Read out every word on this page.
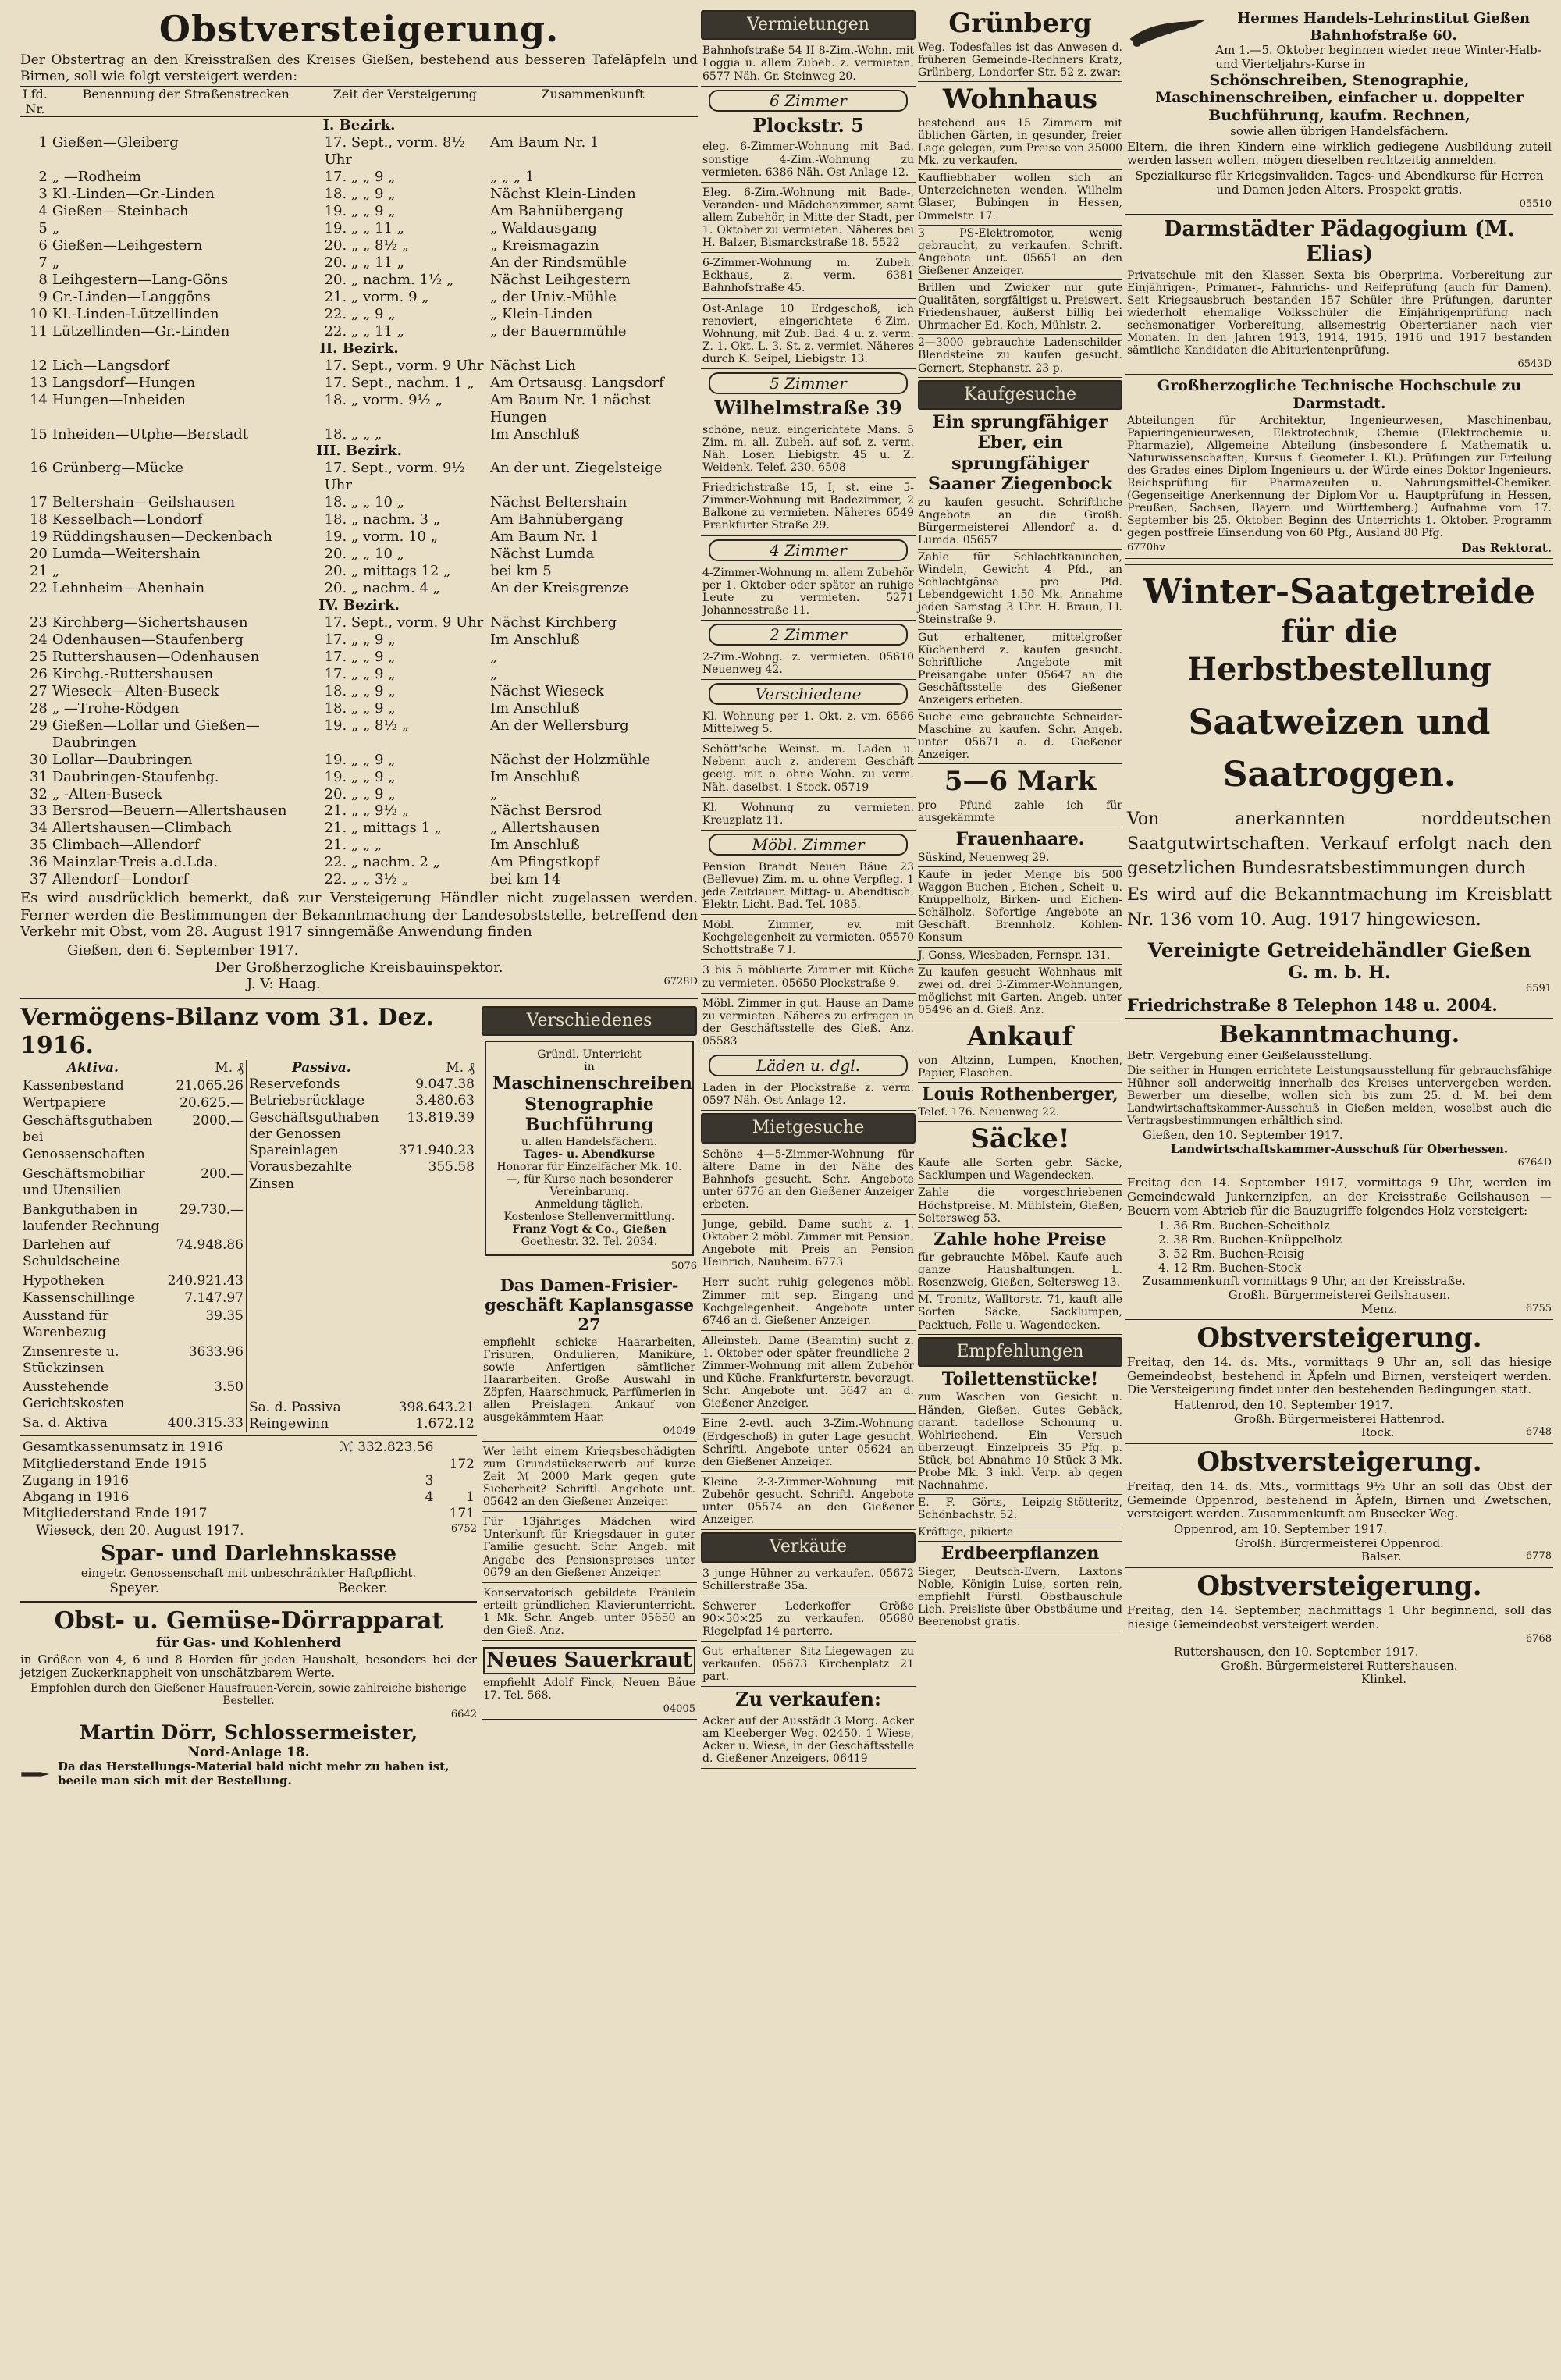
Obstversteigerung.
Der Obstertrag an den Kreisstraßen des Kreises Gießen, bestehend aus besseren Tafeläpfeln und Birnen, soll wie folgt versteigert werden:
Lfd. Nr.	Benennung der Straßenstrecken	Zeit der Versteigerung	Zusammenkunft
I. Bezirk.			
1	Gießen—Gleiberg	17. Sept., vorm. 8½ Uhr	Am Baum Nr. 1
2	„ —Rodheim	17. „ „ 9 „	„ „ „ 1
3	Kl.-Linden—Gr.-Linden	18. „ „ 9 „	Nächst Klein-Linden
4	Gießen—Steinbach	19. „ „ 9 „	Am Bahnübergang
5	„	19. „ „ 11 „	„ Waldausgang
6	Gießen—Leihgestern	20. „ „ 8½ „	„ Kreismagazin
7	„	20. „ „ 11 „	An der Rindsmühle
8	Leihgestern—Lang-Göns	20. „ nachm. 1½ „	Nächst Leihgestern
9	Gr.-Linden—Langgöns	21. „ vorm. 9 „	„ der Univ.-Mühle
10	Kl.-Linden-Lützellinden	22. „ „ 9 „	„ Klein-Linden
11	Lützellinden—Gr.-Linden	22. „ „ 11 „	„ der Bauernmühle
II. Bezirk.			
12	Lich—Langsdorf	17. Sept., vorm. 9 Uhr	Nächst Lich
13	Langsdorf—Hungen	17. Sept., nachm. 1 „	Am Ortsausg. Langsdorf
14	Hungen—Inheiden	18. „ vorm. 9½ „	Am Baum Nr. 1 nächst Hungen
15	Inheiden—Utphe—Berstadt	18. „ „ „	Im Anschluß
III. Bezirk.			
16	Grünberg—Mücke	17. Sept., vorm. 9½ Uhr	An der unt. Ziegelsteige
17	Beltershain—Geilshausen	18. „ „ 10 „	Nächst Beltershain
18	Kesselbach—Londorf	18. „ nachm. 3 „	Am Bahnübergang
19	Rüddingshausen—Deckenbach	19. „ vorm. 10 „	Am Baum Nr. 1
20	Lumda—Weitershain	20. „ „ 10 „	Nächst Lumda
21	„	20. „ mittags 12 „	bei km 5
22	Lehnheim—Ahenhain	20. „ nachm. 4 „	An der Kreisgrenze
IV. Bezirk.			
23	Kirchberg—Sichertshausen	17. Sept., vorm. 9 Uhr	Nächst Kirchberg
24	Odenhausen—Staufenberg	17. „ „ 9 „	Im Anschluß
25	Ruttershausen—Odenhausen	17. „ „ 9 „	„
26	Kirchg.-Ruttershausen	17. „ „ 9 „	„
27	Wieseck—Alten-Buseck	18. „ „ 9 „	Nächst Wieseck
28	„ —Trohe-Rödgen	18. „ „ 9 „	Im Anschluß
29	Gießen—Lollar und Gießen—Daubringen	19. „ „ 8½ „	An der Wellersburg
30	Lollar—Daubringen	19. „ „ 9 „	Nächst der Holzmühle
31	Daubringen-Staufenbg.	19. „ „ 9 „	Im Anschluß
32	„ -Alten-Buseck	20. „ „ 9 „	„
33	Bersrod—Beuern—Allertshausen	21. „ „ 9½ „	Nächst Bersrod
34	Allertshausen—Climbach	21. „ mittags 1 „	„ Allertshausen
35	Climbach—Allendorf	21. „ „ „	Im Anschluß
36	Mainzlar-Treis a.d.Lda.	22. „ nachm. 2 „	Am Pfingstkopf
37	Allendorf—Londorf	22. „ „ 3½ „	bei km 14
Es wird ausdrücklich bemerkt, daß zur Versteigerung Händler nicht zugelassen werden. Ferner werden die Bestimmungen der Bekanntmachung der Landesobststelle, betreffend den Verkehr mit Obst, vom 28. August 1917 sinngemäße Anwendung finden
Gießen, den 6. September 1917.
Der Großherzogliche Kreisbauinspektor.
J. V: Haag.	6728D
Vermögens-Bilanz vom 31. Dez. 1916.
Aktiva.	M. ₰
Kassenbestand	21.065.26
Wertpapiere	20.625.—
Geschäftsguthaben bei Genossenschaften	2000.—
Geschäftsmobiliar und Utensilien	200.—
Bankguthaben in laufender Rechnung	29.730.—
Darlehen auf Schuldscheine	74.948.86
Hypotheken	240.921.43
Kassenschillinge	7.147.97
Ausstand für Warenbezug	39.35
Zinsenreste u. Stückzinsen	3633.96
Ausstehende Gerichtskosten	3.50
Sa. d. Aktiva	400.315.33
Passiva.	M. ₰
Reservefonds	9.047.38
Betriebsrücklage	3.480.63
Geschäftsguthaben der Genossen	13.819.39
Spareinlagen	371.940.23
Vorausbezahlte Zinsen	355.58

Sa. d. Passiva	398.643.21
Reingewinn	1.672.12
Gesamtkassenumsatz in 1916	ℳ 332.823.56	
Mitgliederstand Ende 1915		172
Zugang in 1916	3	
Abgang in 1916	4	1
Mitgliederstand Ende 1917		171
Wieseck, den 20. August 1917.	6752
Spar- und Darlehnskasse
eingetr. Genossenschaft mit unbeschränkter Haftpflicht.
Speyer.	Becker.
Obst- u. Gemüse-Dörrapparat
für Gas- und Kohlenherd
in Größen von 4, 6 und 8 Horden für jeden Haushalt, besonders bei der jetzigen Zuckerknappheit von unschätzbarem Werte.
Empfohlen durch den Gießener Hausfrauen-Verein, sowie zahlreiche bisherige Besteller.
6642
Martin Dörr, Schlossermeister,
Nord-Anlage 18.
Da das Herstellungs-Material bald nicht mehr zu haben ist, beeile man sich mit der Bestellung.
Verschiedenes
Gründl. Unterricht
in
Maschinenschreiben
Stenographie
Buchführung
u. allen Handelsfächern.
Tages- u. Abendkurse
Honorar für Einzelfächer Mk. 10.—, für Kurse nach besonderer Vereinbarung.
Anmeldung täglich.
Kostenlose Stellenvermittlung.
Franz Vogt & Co., Gießen
Goethestr. 32. Tel. 2034.
5076
Das Damen-Frisier-
geschäft Kaplansgasse 27
empfiehlt schicke Haararbeiten, Frisuren, Ondulieren, Maniküre, sowie Anfertigen sämtlicher Haararbeiten. Große Auswahl in Zöpfen, Haarschmuck, Parfümerien in allen Preislagen. Ankauf von ausgekämmtem Haar.
04049
Wer leiht einem Kriegsbeschädigten zum Grundstückserwerb auf kurze Zeit ℳ 2000 Mark gegen gute Sicherheit? Schriftl. Angebote unt. 05642 an den Gießener Anzeiger.
Für 13jähriges Mädchen wird Unterkunft für Kriegsdauer in guter Familie gesucht. Schr. Angeb. mit Angabe des Pensionspreises unter 0679 an den Gießener Anzeiger.
Konservatorisch gebildete Fräulein erteilt gründlichen Klavierunterricht. 1 Mk. Schr. Angeb. unter 05650 an den Gieß. Anz.
Neues Sauerkraut
empfiehlt Adolf Finck, Neuen Bäue 17. Tel. 568.
04005
Vermietungen
Bahnhofstraße 54 II 8-Zim.-Wohn. mit Loggia u. allem Zubeh. z. vermieten. 6577 Näh. Gr. Steinweg 20.
6 Zimmer
Plockstr. 5
eleg. 6-Zimmer-Wohnung mit Bad, sonstige 4-Zim.-Wohnung zu vermieten. 6386 Näh. Ost-Anlage 12.
Eleg. 6-Zim.-Wohnung mit Bade-, Veranden- und Mädchenzimmer, samt allem Zubehör, in Mitte der Stadt, per 1. Oktober zu vermieten. Näheres bei H. Balzer, Bismarckstraße 18. 5522
6-Zimmer-Wohnung m. Zubeh. Eckhaus, z. verm. 6381 Bahnhofstraße 45.
Ost-Anlage 10 Erdgeschoß, ich renoviert, eingerichtete 6-Zim.-Wohnung, mit Zub. Bad. 4 u. z. verm. Z. 1. Okt. L. 3. St. z. vermiet. Näheres durch K. Seipel, Liebigstr. 13.
5 Zimmer
Wilhelmstraße 39
schöne, neuz. eingerichtete Mans. 5 Zim. m. all. Zubeh. auf sof. z. verm. Näh. Losen Liebigstr. 45 u. Z. Weidenk. Telef. 230. 6508
Friedrichstraße 15, I, st. eine 5-Zimmer-Wohnung mit Badezimmer, 2 Balkone zu vermieten. Näheres 6549 Frankfurter Straße 29.
4 Zimmer
4-Zimmer-Wohnung m. allem Zubehör per 1. Oktober oder später an ruhige Leute zu vermieten. 5271 Johannesstraße 11.
2 Zimmer
2-Zim.-Wohng. z. vermieten. 05610 Neuenweg 42.
Verschiedene
Kl. Wohnung per 1. Okt. z. vm. 6566 Mittelweg 5.
Schött'sche Weinst. m. Laden u. Nebenr. auch z. anderem Geschäft geeig. mit o. ohne Wohn. zu verm. Näh. daselbst. 1 Stock. 05719
Kl. Wohnung zu vermieten. Kreuzplatz 11.
Möbl. Zimmer
Pension Brandt Neuen Bäue 23 (Bellevue) Zim. m. u. ohne Verpfleg. 1 jede Zeitdauer. Mittag- u. Abendtisch. Elektr. Licht. Bad. Tel. 1085.
Möbl. Zimmer, ev. mit Kochgelegenheit zu vermieten. 05570 Schottstraße 7 I.
3 bis 5 möblierte Zimmer mit Küche zu vermieten. 05650 Plockstraße 9.
Möbl. Zimmer in gut. Hause an Dame zu vermieten. Näheres zu erfragen in der Geschäftsstelle des Gieß. Anz. 05583
Läden u. dgl.
Laden in der Plockstraße z. verm. 0597 Näh. Ost-Anlage 12.
Mietgesuche
Schöne 4—5-Zimmer-Wohnung für ältere Dame in der Nähe des Bahnhofs gesucht. Schr. Angebote unter 6776 an den Gießener Anzeiger erbeten.
Junge, gebild. Dame sucht z. 1. Oktober 2 möbl. Zimmer mit Pension. Angebote mit Preis an Pension Heinrich, Nauheim. 6773
Herr sucht ruhig gelegenes möbl. Zimmer mit sep. Eingang und Kochgelegenheit. Angebote unter 6746 an d. Gießener Anzeiger.
Alleinsteh. Dame (Beamtin) sucht z. 1. Oktober oder später freundliche 2-Zimmer-Wohnung mit allem Zubehör und Küche. Frankfurterstr. bevorzugt. Schr. Angebote unt. 5647 an d. Gießener Anzeiger.
Eine 2-evtl. auch 3-Zim.-Wohnung (Erdgeschoß) in guter Lage gesucht. Schriftl. Angebote unter 05624 an den Gießener Anzeiger.
Kleine 2-3-Zimmer-Wohnung mit Zubehör gesucht. Schriftl. Angebote unter 05574 an den Gießener Anzeiger.
Verkäufe
3 junge Hühner zu verkaufen. 05672 Schillerstraße 35a.
Schwerer Lederkoffer Größe 90×50×25 zu verkaufen. 05680 Riegelpfad 14 parterre.
Gut erhaltener Sitz-Liegewagen zu verkaufen. 05673 Kirchenplatz 21 part.
Zu verkaufen:
Acker auf der Ausstädt 3 Morg. Acker am Kleeberger Weg. 02450. 1 Wiese, Acker u. Wiese, in der Geschäftsstelle d. Gießener Anzeigers. 06419
Grünberg
Weg. Todesfalles ist das Anwesen d. früheren Gemeinde-Rechners Kratz, Grünberg, Londorfer Str. 52 z. zwar:
Wohnhaus
bestehend aus 15 Zimmern mit üblichen Gärten, in gesunder, freier Lage gelegen, zum Preise von 35000 Mk. zu verkaufen.
Kaufliebhaber wollen sich an Unterzeichneten wenden. Wilhelm Glaser, Bubingen in Hessen, Ommelstr. 17.
3 PS-Elektromotor, wenig gebraucht, zu verkaufen. Schrift. Angebote unt. 05651 an den Gießener Anzeiger.
Brillen und Zwicker nur gute Qualitäten, sorgfältigst u. Preiswert. Friedenshauer, äußerst billig bei Uhrmacher Ed. Koch, Mühlstr. 2.
2—3000 gebrauchte Ladenschilder Blendsteine zu kaufen gesucht. Gernert, Stephanstr. 23 p.
Kaufgesuche
Ein sprungfähiger Eber, ein sprungfähiger Saaner Ziegenbock
zu kaufen gesucht. Schriftliche Angebote an die Großh. Bürgermeisterei Allendorf a. d. Lumda. 05657
Zahle für Schlachtkaninchen, Windeln, Gewicht 4 Pfd., an Schlachtgänse pro Pfd. Lebendgewicht 1.50 Mk. Annahme jeden Samstag 3 Uhr. H. Braun, Ll. Steinstraße 9.
Gut erhaltener, mittelgroßer Küchenherd z. kaufen gesucht. Schriftliche Angebote mit Preisangabe unter 05647 an die Geschäftsstelle des Gießener Anzeigers erbeten.
Suche eine gebrauchte Schneider-Maschine zu kaufen. Schr. Angeb. unter 05671 a. d. Gießener Anzeiger.
5—6 Mark
pro Pfund zahle ich für ausgekämmte
Frauenhaare.
Süskind, Neuenweg 29.
Kaufe in jeder Menge bis 500 Waggon Buchen-, Eichen-, Scheit- u. Knüppelholz, Birken- und Eichen-Schälholz. Sofortige Angebote an Geschäft. Brennholz. Kohlen-Konsum
J. Gonss, Wiesbaden, Fernspr. 131.
Zu kaufen gesucht Wohnhaus mit zwei od. drei 3-Zimmer-Wohnungen, möglichst mit Garten. Angeb. unter 05496 an d. Gieß. Anz.
Ankauf
von Altzinn, Lumpen, Knochen, Papier, Flaschen.
Louis Rothenberger,
Telef. 176. Neuenweg 22.
Säcke!
Kaufe alle Sorten gebr. Säcke, Sacklumpen und Wagendecken.
Zahle die vorgeschriebenen Höchstpreise. M. Mühlstein, Gießen, Seltersweg 53.
Zahle hohe Preise
für gebrauchte Möbel. Kaufe auch ganze Haushaltungen. L. Rosenzweig, Gießen, Seltersweg 13.
M. Tronitz, Walltorstr. 71, kauft alle Sorten Säcke, Sacklumpen, Packtuch, Felle u. Wagendecken.
Empfehlungen
Toilettenstücke!
zum Waschen von Gesicht u. Händen, Gießen. Gutes Gebäck, garant. tadellose Schonung u. Wohlriechend. Ein Versuch überzeugt. Einzelpreis 35 Pfg. p. Stück, bei Abnahme 10 Stück 3 Mk. Probe Mk. 3 inkl. Verp. ab gegen Nachnahme.
E. F. Görts, Leipzig-Stötteritz, Schönbachstr. 52.
Kräftige, pikierte
Erdbeerpflanzen
Sieger, Deutsch-Evern, Laxtons Noble, Königin Luise, sorten rein, empfiehlt Fürstl. Obstbauschule Lich. Preisliste über Obstbäume und Beerenobst gratis.
Hermes Handels-Lehrinstitut Gießen
Bahnhofstraße 60.
Am 1.—5. Oktober beginnen wieder neue Winter-Halb- und Vierteljahrs-Kurse in
Schönschreiben, Stenographie, Maschinenschreiben, einfacher u. doppelter Buchführung, kaufm. Rechnen,
sowie allen übrigen Handelsfächern.
Eltern, die ihren Kindern eine wirklich gediegene Ausbildung zuteil werden lassen wollen, mögen dieselben rechtzeitig anmelden.
Spezialkurse für Kriegsinvaliden. Tages- und Abendkurse für Herren und Damen jeden Alters. Prospekt gratis.
05510
Darmstädter Pädagogium (M. Elias)
Privatschule mit den Klassen Sexta bis Oberprima. Vorbereitung zur Einjährigen-, Primaner-, Fähnrichs- und Reifeprüfung (auch für Damen). Seit Kriegsausbruch bestanden 157 Schüler ihre Prüfungen, darunter wiederholt ehemalige Volksschüler die Einjährigenprüfung nach sechsmonatiger Vorbereitung, allsemestrig Obertertianer nach vier Monaten. In den Jahren 1913, 1914, 1915, 1916 und 1917 bestanden sämtliche Kandidaten die Abiturientenprüfung.
6543D
Großherzogliche Technische Hochschule zu Darmstadt.
Abteilungen für Architektur, Ingenieurwesen, Maschinenbau, Papieringenieurwesen, Elektrotechnik, Chemie (Elektrochemie u. Pharmazie), Allgemeine Abteilung (insbesondere f. Mathematik u. Naturwissenschaften, Kursus f. Geometer I. Kl.). Prüfungen zur Erteilung des Grades eines Diplom-Ingenieurs u. der Würde eines Doktor-Ingenieurs. Reichsprüfung für Pharmazeuten u. Nahrungsmittel-Chemiker. (Gegenseitige Anerkennung der Diplom-Vor- u. Hauptprüfung in Hessen, Preußen, Sachsen, Bayern und Württemberg.) Aufnahme vom 17. September bis 25. Oktober. Beginn des Unterrichts 1. Oktober. Programm gegen postfreie Einsendung von 60 Pfg., Ausland 80 Pfg.
6770hv	Das Rektorat.
Winter-Saatgetreide
für die Herbstbestellung
Saatweizen und
Saatroggen.
Von anerkannten norddeutschen Saatgutwirtschaften. Verkauf erfolgt nach den gesetzlichen Bundesratsbestimmungen durch
Es wird auf die Bekanntmachung im Kreisblatt Nr. 136 vom 10. Aug. 1917 hingewiesen.
Vereinigte Getreidehändler Gießen
G. m. b. H.
6591
Friedrichstraße 8 Telephon 148 u. 2004.
Bekanntmachung.
Betr. Vergebung einer Geißelausstellung.
Die seither in Hungen errichtete Leistungsausstellung für gebrauchsfähige Hühner soll anderweitig innerhalb des Kreises untervergeben werden. Bewerber um dieselbe, wollen sich bis zum 25. d. M. bei dem Landwirtschaftskammer-Ausschuß in Gießen melden, woselbst auch die Vertragsbestimmungen erhältlich sind.
Gießen, den 10. September 1917.
Landwirtschaftskammer-Ausschuß für Oberhessen.
6764D
Freitag den 14. September 1917, vormittags 9 Uhr, werden im Gemeindewald Junkernzipfen, an der Kreisstraße Geilshausen — Beuern vom Abtrieb für die Bauzugriffe folgendes Holz versteigert:
1. 36 Rm. Buchen-Scheitholz
2. 38 Rm. Buchen-Knüppelholz
3. 52 Rm. Buchen-Reisig
4. 12 Rm. Buchen-Stock
Zusammenkunft vormittags 9 Uhr, an der Kreisstraße.
Großh. Bürgermeisterei Geilshausen.
Menz.	6755
Obstversteigerung.
Freitag, den 14. ds. Mts., vormittags 9 Uhr an, soll das hiesige Gemeindeobst, bestehend in Äpfeln und Birnen, versteigert werden. Die Versteigerung findet unter den bestehenden Bedingungen statt.
Hattenrod, den 10. September 1917.
Großh. Bürgermeisterei Hattenrod.
Rock.	6748
Obstversteigerung.
Freitag, den 14. ds. Mts., vormittags 9½ Uhr an soll das Obst der Gemeinde Oppenrod, bestehend in Äpfeln, Birnen und Zwetschen, versteigert werden. Zusammenkunft am Busecker Weg.
Oppenrod, am 10. September 1917.
Großh. Bürgermeisterei Oppenrod.
Balser.	6778
Obstversteigerung.
Freitag, den 14. September, nachmittags 1 Uhr beginnend, soll das hiesige Gemeindeobst versteigert werden.
6768
Ruttershausen, den 10. September 1917.
Großh. Bürgermeisterei Ruttershausen.
Klinkel.
